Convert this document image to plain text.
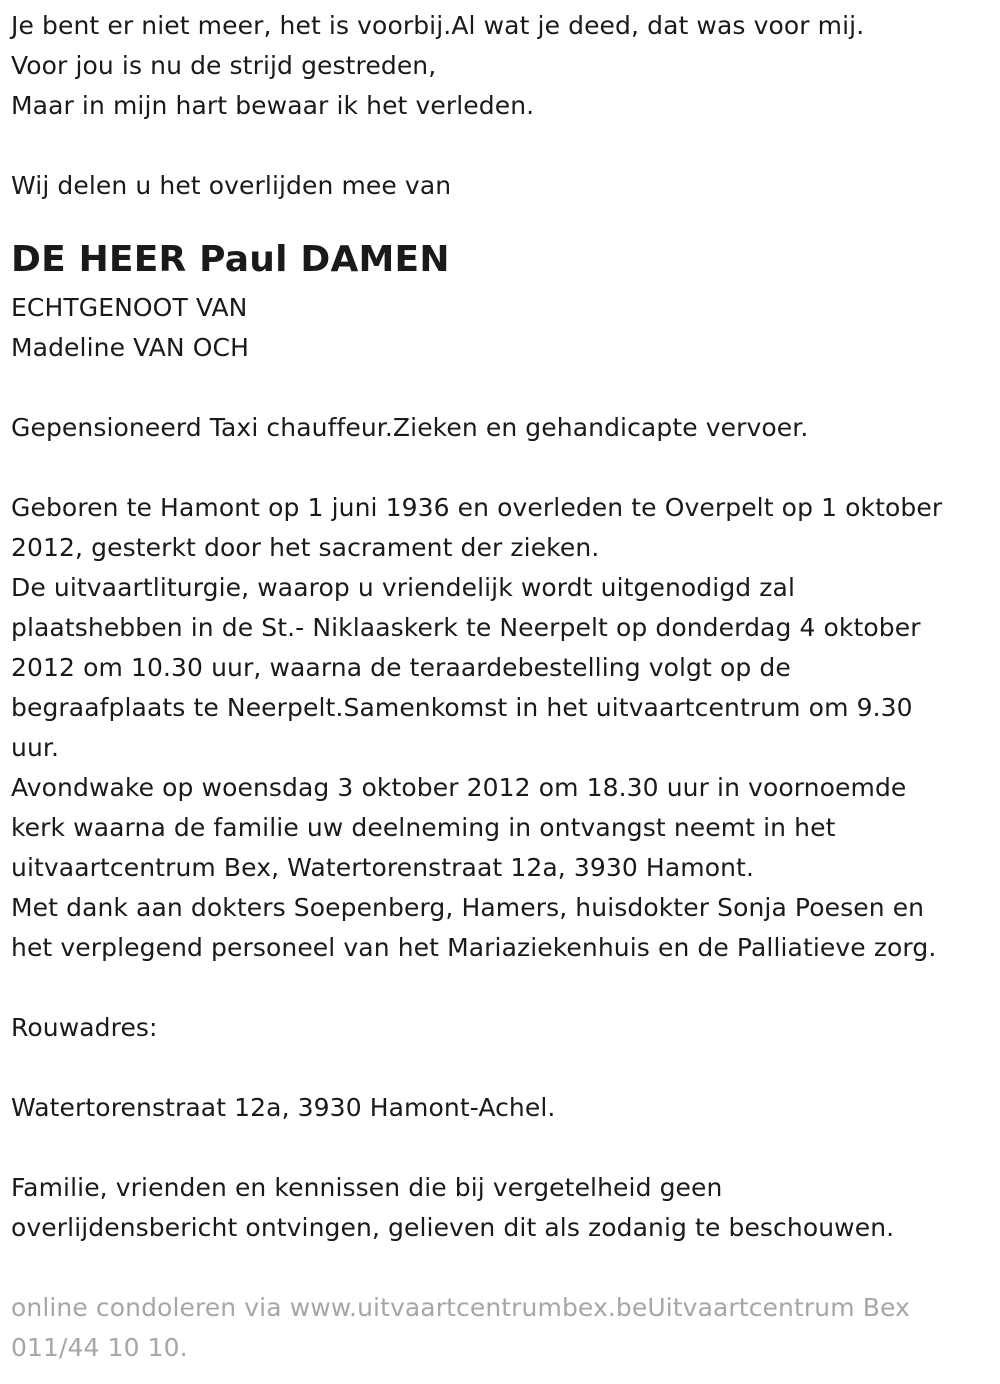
Je bent er niet meer, het is voorbij.Al wat je deed, dat was voor mij.
Voor jou is nu de strijd gestreden,
Maar in mijn hart bewaar ik het verleden.
Wij delen u het overlijden mee van
DE HEER Paul DAMEN
ECHTGENOOT VAN
Madeline VAN OCH
Gepensioneerd Taxi chauffeur.Zieken en gehandicapte vervoer.
Geboren te Hamont op 1 juni 1936 en overleden te Overpelt op 1 oktober
2012, gesterkt door het sacrament der zieken.
De uitvaartliturgie, waarop u vriendelijk wordt uitgenodigd zal
plaatshebben in de St.- Niklaaskerk te Neerpelt op donderdag 4 oktober
2012 om 10.30 uur, waarna de teraardebestelling volgt op de
begraafplaats te Neerpelt.Samenkomst in het uitvaartcentrum om 9.30
uur.
Avondwake op woensdag 3 oktober 2012 om 18.30 uur in voornoemde
kerk waarna de familie uw deelneming in ontvangst neemt in het
uitvaartcentrum Bex, Watertorenstraat 12a, 3930 Hamont.
Met dank aan dokters Soepenberg, Hamers, huisdokter Sonja Poesen en
het verplegend personeel van het Mariaziekenhuis en de Palliatieve zorg.
Rouwadres:
Watertorenstraat 12a, 3930 Hamont-Achel.
Familie, vrienden en kennissen die bij vergetelheid geen
overlijdensbericht ontvingen, gelieven dit als zodanig te beschouwen.
online condoleren via www.uitvaartcentrumbex.beUitvaartcentrum Bex
011/44 10 10.
